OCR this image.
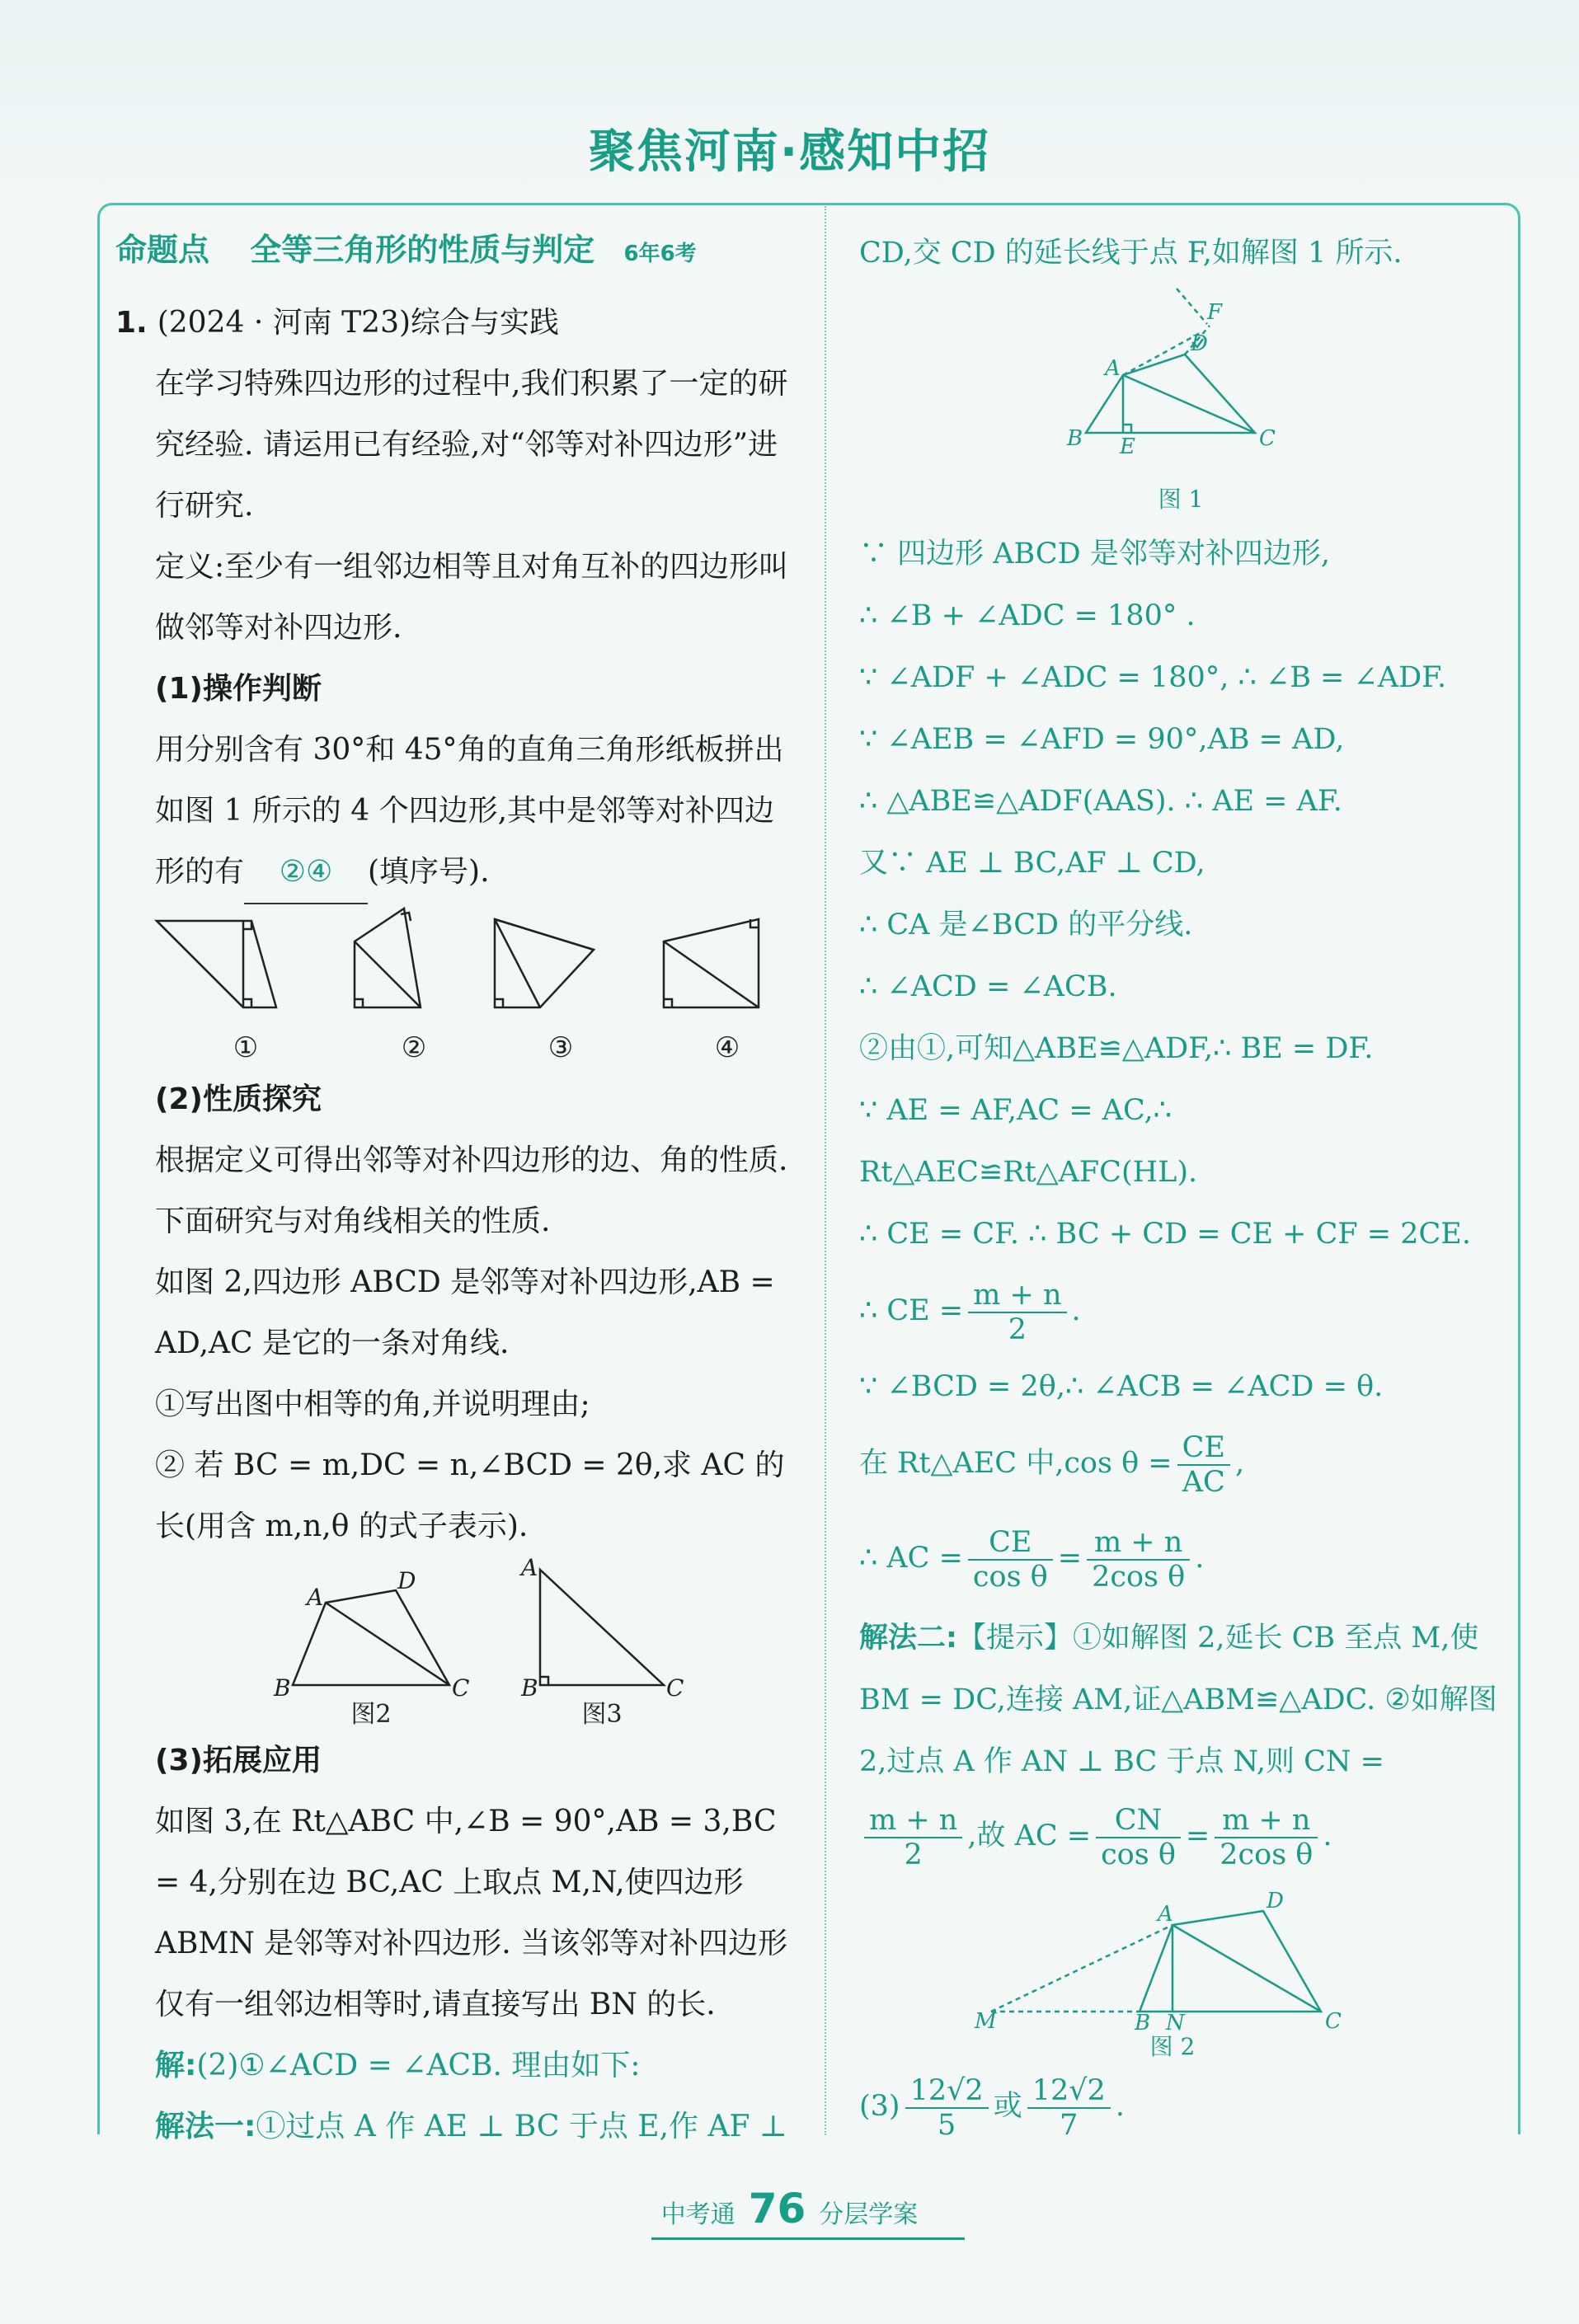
聚焦河南·感知中招
命题点 全等三角形的性质与判定 6年6考

1. (2024 · 河南 T23)综合与实践

在学习特殊四边形的过程中,我们积累了一定的研究经验. 请运用已有经验,对“邻等对补四边形”进行研究.

定义:至少有一组邻边相等且对角互补的四边形叫做邻等对补四边形.

(1)操作判断

用分别含有 30°和 45°角的直角三角形纸板拼出如图 1 所示的 4 个四边形,其中是邻等对补四边形的有 ②④ (填序号).

①	②	③	④

(2)性质探究

根据定义可得出邻等对补四边形的边、角的性质. 下面研究与对角线相关的性质.

如图 2,四边形 ABCD 是邻等对补四边形,AB = AD,AC 是它的一条对角线.

①写出图中相等的角,并说明理由;

② 若 BC = m,DC = n,∠BCD = 2θ,求 AC 的长(用含 m,n,θ 的式子表示).

A
D
B	C
A
B	C
图2	图3

(3)拓展应用

如图 3,在 Rt△ABC 中,∠B = 90°,AB = 3,BC = 4,分别在边 BC,AC 上取点 M,N,使四边形 ABMN 是邻等对补四边形. 当该邻等对补四边形仅有一组邻边相等时,请直接写出 BN 的长.

解:(2)①∠ACD = ∠ACB. 理由如下:

解法一:①过点 A 作 AE ⊥ BC 于点 E,作 AF ⊥

CD,交 CD 的延长线于点 F,如解图 1 所示.

A
D
F
B E	C
图 1

∵ 四边形 ABCD 是邻等对补四边形,

∴ ∠B + ∠ADC = 180° .

∵ ∠ADF + ∠ADC = 180°, ∴ ∠B = ∠ADF.

∵ ∠AEB = ∠AFD = 90°,AB = AD,

∴ △ABE≌△ADF(AAS). ∴ AE = AF.

又∵ AE ⊥ BC,AF ⊥ CD,

∴ CA 是∠BCD 的平分线.

∴ ∠ACD = ∠ACB.

②由①,可知△ABE≌△ADF,∴ BE = DF.

∵ AE = AF,AC = AC,∴ Rt△AEC≌Rt△AFC(HL).

∴ CE = CF. ∴ BC + CD = CE + CF = 2CE.

∴ CE = $\frac{m + n}{2}$ .

∵ ∠BCD = 2θ,∴ ∠ACB = ∠ACD = θ.

在 Rt△AEC 中,cos $\theta = \frac{CE}{AC}$ ,

∴ AC = $\frac{CE}{\text{cos θ}} = \frac{m + n}{\text{2cos θ}}$ .

解法二:【提示】①如解图 2,延长 CB 至点 M,使 BM = DC,连接 AM,证△ABM≌△ADC. ②如解图 2,过点 A 作 AN ⊥ BC 于点 N,则 CN =

$\frac{m + n}{2}$ ,故 AC = $\frac{CN}{\text{cos θ}} = \frac{m + n}{\text{2cos θ}}$ .

A
D
M	B N	C
图 2

$(3) \frac{12√2}{5}$ 或 $\frac{12√2}{7}$ .

中考通 76 分层学案
